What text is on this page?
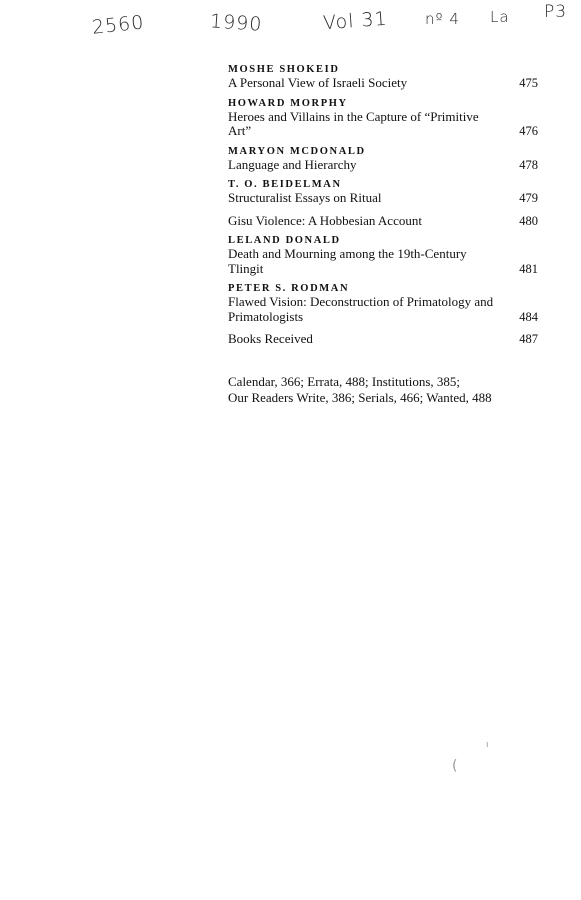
2560	1990	Vol 31 nº 4 La P3
MOSHE SHOKEID
A Personal View of Israeli Society	475
HOWARD MORPHY
Heroes and Villains in the Capture of “Primitive Art”	476
MARYON MCDONALD
Language and Hierarchy	478
T. O. BEIDELMAN
Structuralist Essays on Ritual	479
Gisu Violence: A Hobbesian Account	480
LELAND DONALD
Death and Mourning among the 19th-Century Tlingit	481
PETER S. RODMAN
Flawed Vision: Deconstruction of Primatology and Primatologists	484
Books Received	487
Calendar, 366; Errata, 488; Institutions, 385;
Our Readers Write, 386; Serials, 466; Wanted, 488
ı
(
